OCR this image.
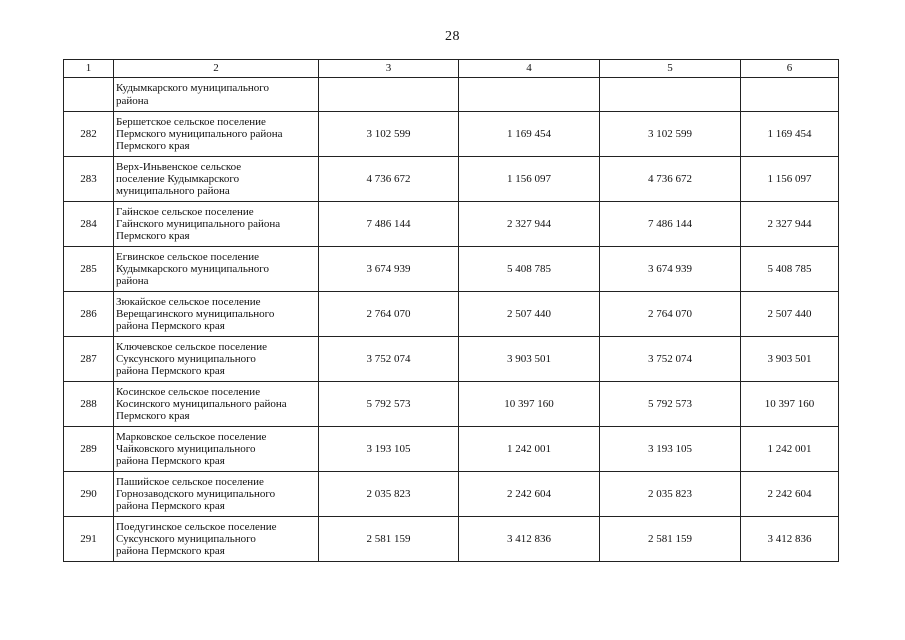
28
1	2	3	4	5	6

	Кудымкарского муниципального
района				

282	Бершетское сельское поселение
Пермского муниципального района
Пермского края	3 102 599	1 169 454	3 102 599	1 169 454
283	Верх-Иньвенское сельское
поселение Кудымкарского
муниципального района	4 736 672	1 156 097	4 736 672	1 156 097
284	Гайнское сельское поселение
Гайнского муниципального района
Пермского края	7 486 144	2 327 944	7 486 144	2 327 944
285	Егвинское сельское поселение
Кудымкарского муниципального
района	3 674 939	5 408 785	3 674 939	5 408 785
286	Зюкайское сельское поселение
Верещагинского муниципального
района Пермского края	2 764 070	2 507 440	2 764 070	2 507 440
287	Ключевское сельское поселение
Суксунского муниципального
района Пермского края	3 752 074	3 903 501	3 752 074	3 903 501
288	Косинское сельское поселение
Косинского муниципального района
Пермского края	5 792 573	10 397 160	5 792 573	10 397 160
289	Марковское сельское поселение
Чайковского муниципального
района Пермского края	3 193 105	1 242 001	3 193 105	1 242 001
290	Пашийское сельское поселение
Горнозаводского муниципального
района Пермского края	2 035 823	2 242 604	2 035 823	2 242 604
291	Поедугинское сельское поселение
Суксунского муниципального
района Пермского края	2 581 159	3 412 836	2 581 159	3 412 836
